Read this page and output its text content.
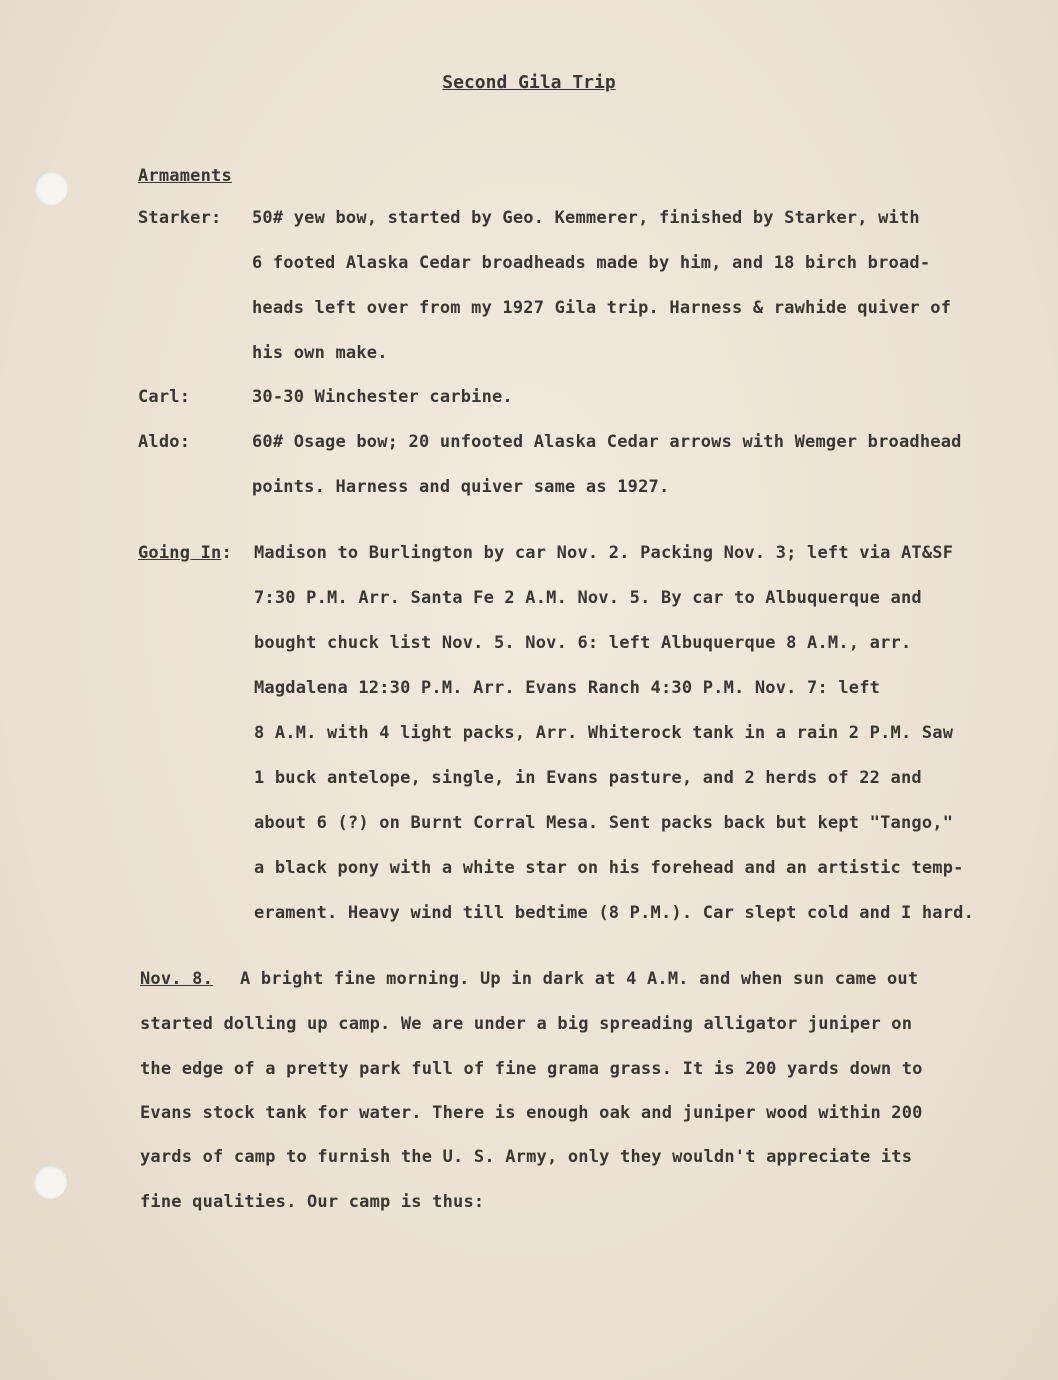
Second Gila Trip
Armaments
Starker: 50# yew bow, started by Geo. Kemmerer, finished by Starker, with
6 footed Alaska Cedar broadheads made by him, and 18 birch broad-
heads left over from my 1927 Gila trip. Harness & rawhide quiver of
his own make.
Carl:	30-30 Winchester carbine.
Aldo:	60# Osage bow; 20 unfooted Alaska Cedar arrows with Wemger broadhead
points. Harness and quiver same as 1927.
Going In: Madison to Burlington by car Nov. 2. Packing Nov. 3; left via AT&SF
7:30 P.M. Arr. Santa Fe 2 A.M. Nov. 5. By car to Albuquerque and
bought chuck list Nov. 5. Nov. 6: left Albuquerque 8 A.M., arr.
Magdalena 12:30 P.M. Arr. Evans Ranch 4:30 P.M. Nov. 7: left
8 A.M. with 4 light packs, Arr. Whiterock tank in a rain 2 P.M. Saw
1 buck antelope, single, in Evans pasture, and 2 herds of 22 and
about 6 (?) on Burnt Corral Mesa. Sent packs back but kept "Tango,"
a black pony with a white star on his forehead and an artistic temp-
erament. Heavy wind till bedtime (8 P.M.). Car slept cold and I hard.
Nov. 8. A bright fine morning. Up in dark at 4 A.M. and when sun came out
started dolling up camp. We are under a big spreading alligator juniper on
the edge of a pretty park full of fine grama grass. It is 200 yards down to
Evans stock tank for water. There is enough oak and juniper wood within 200
yards of camp to furnish the U. S. Army, only they wouldn't appreciate its
fine qualities. Our camp is thus:
